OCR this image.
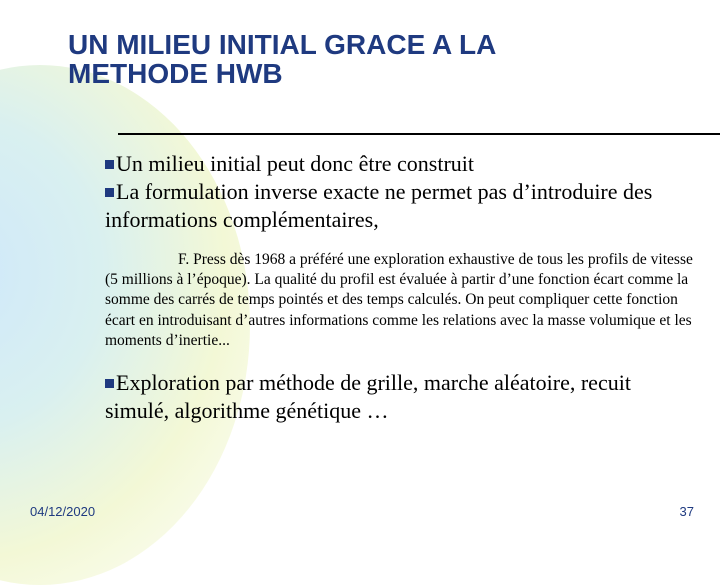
UN MILIEU INITIAL GRACE A LA
METHODE HWB

Un milieu initial peut donc être construit

La formulation inverse exacte ne permet pas d’introduire des informations complémentaires,

F. Press dès 1968 a préféré une exploration exhaustive de tous les profils de vitesse (5 millions à l’époque). La qualité du profil est évaluée à partir d’une fonction écart comme la somme des carrés de temps pointés et des temps calculés. On peut compliquer cette fonction écart en introduisant d’autres informations comme les relations avec la masse volumique et les moments d’inertie...

Exploration par méthode de grille, marche aléatoire, recuit simulé, algorithme génétique …

04/12/2020	37
